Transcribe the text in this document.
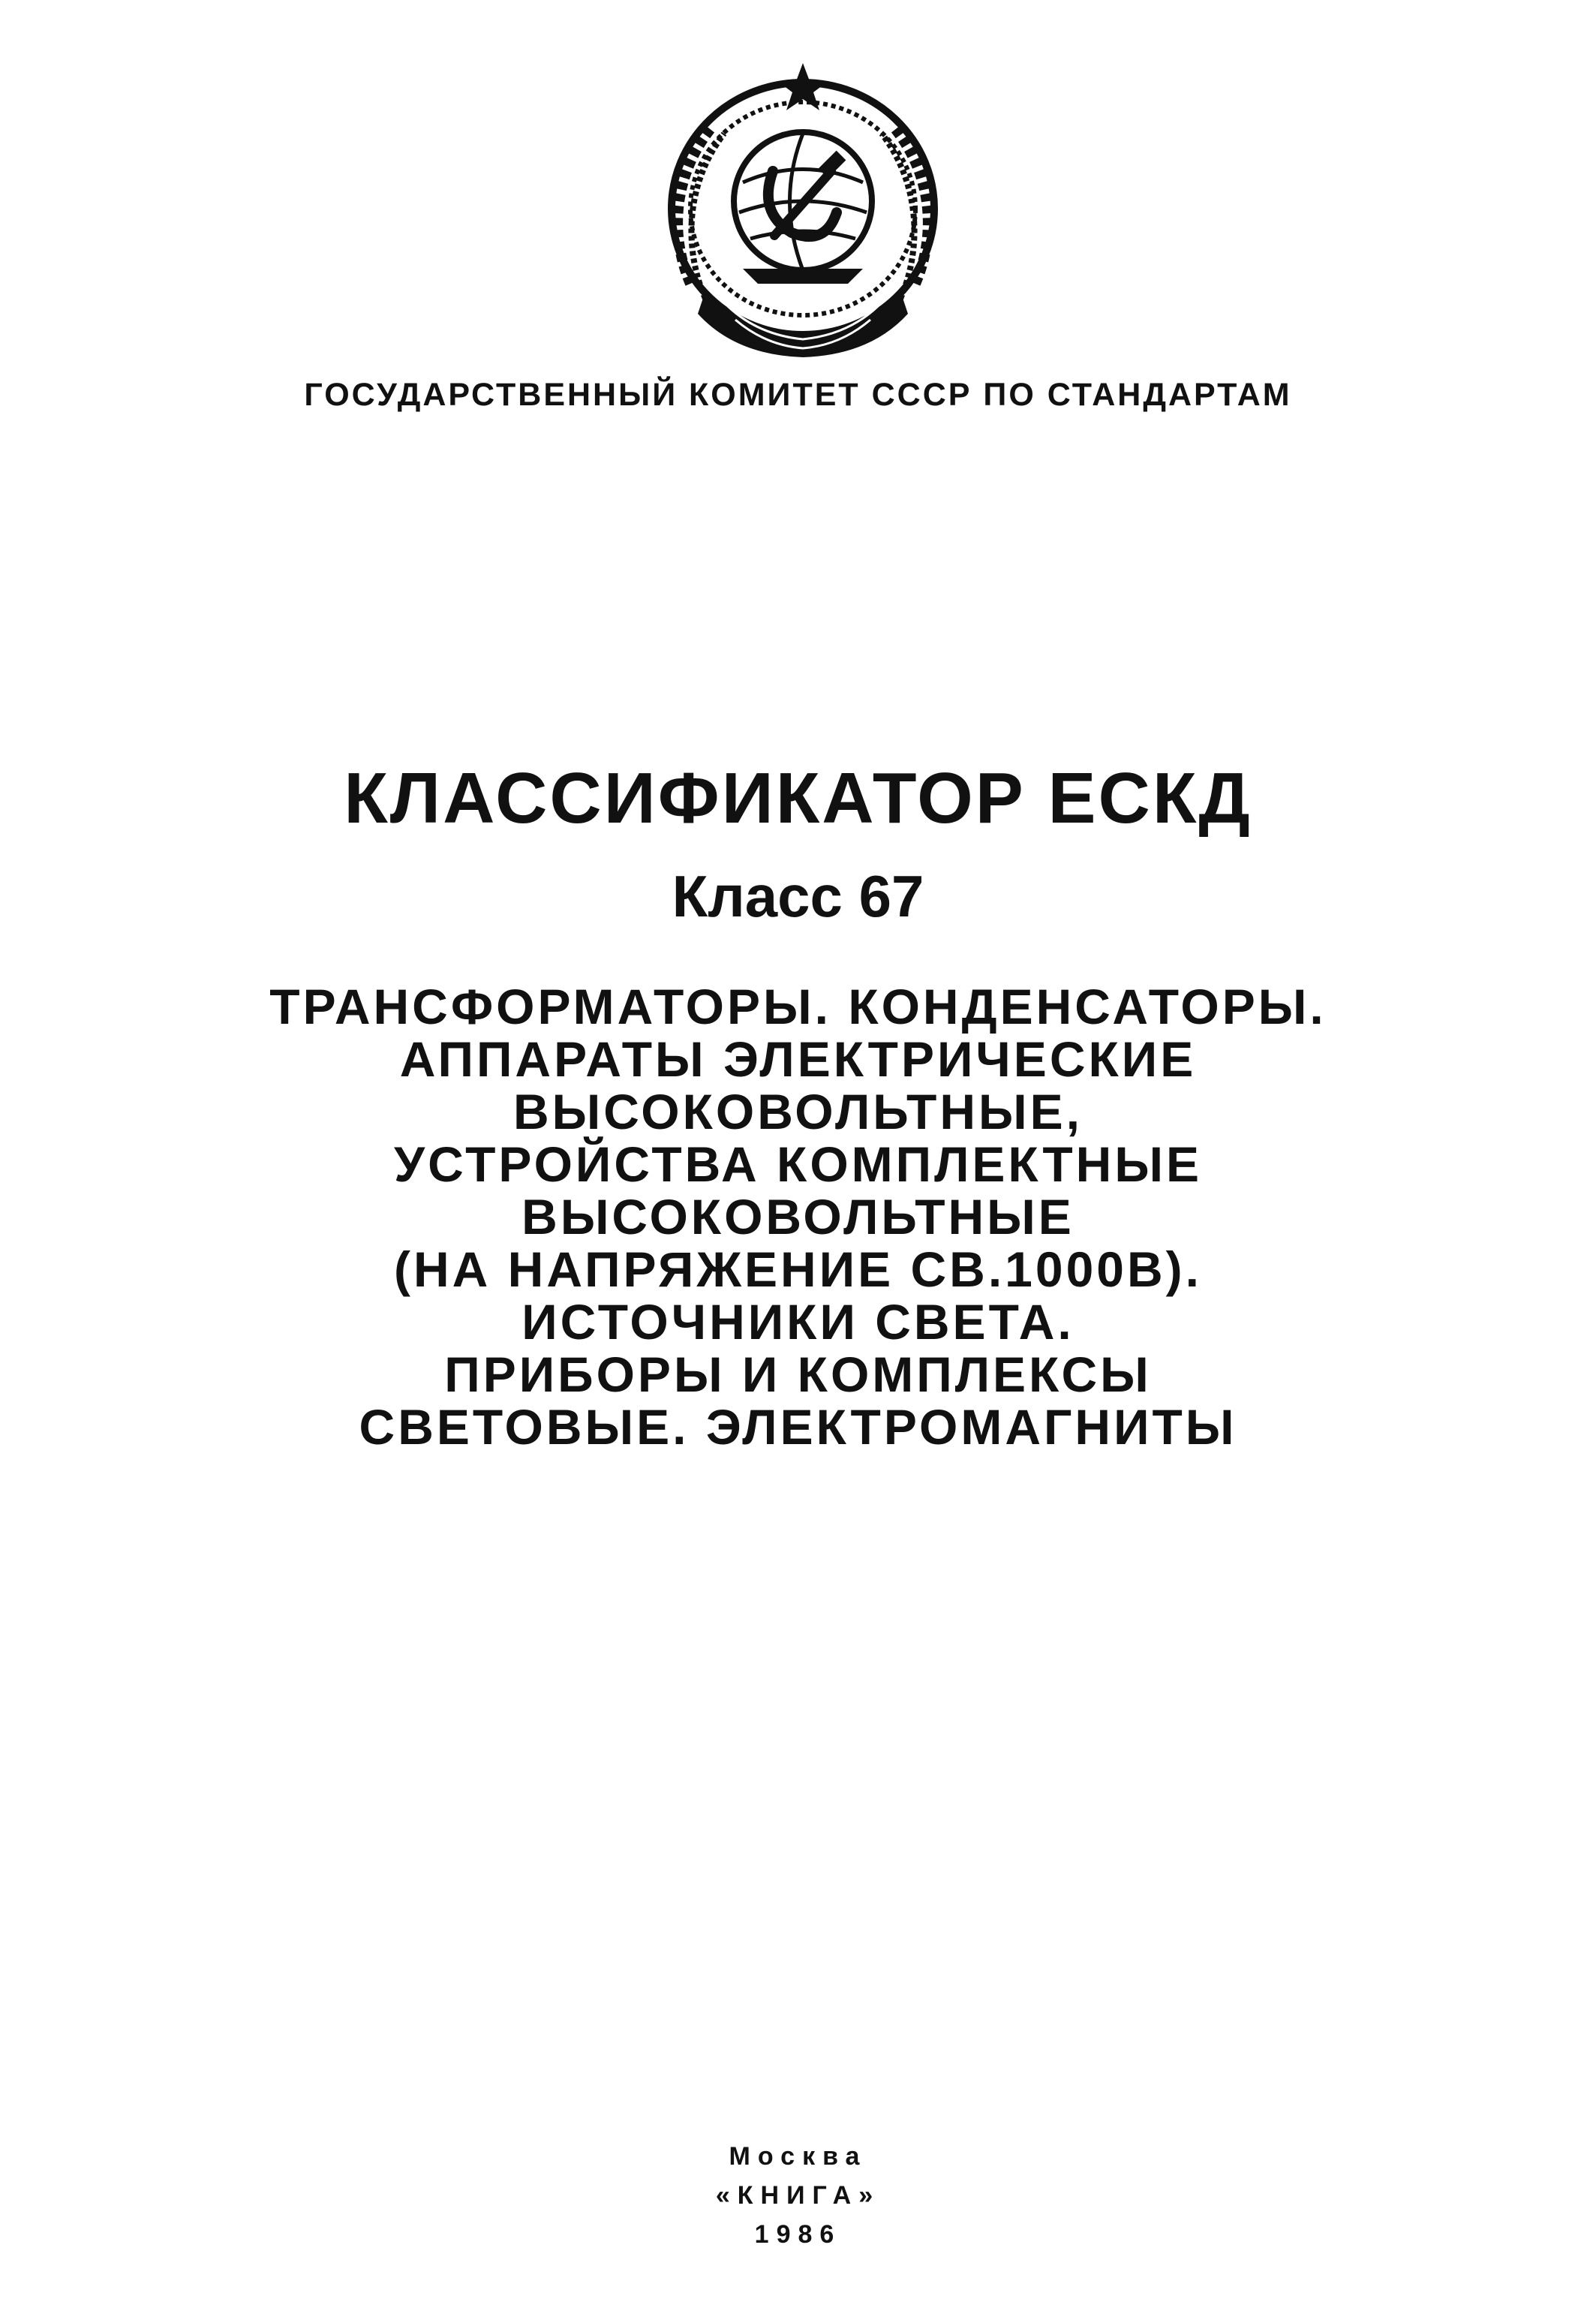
ГОСУДАРСТВЕННЫЙ КОМИТЕТ СССР ПО СТАНДАРТАМ
КЛАССИФИКАТОР ЕСКД
Класс 67
ТРАНСФОРМАТОРЫ. КОНДЕНСАТОРЫ.
АППАРАТЫ ЭЛЕКТРИЧЕСКИЕ
ВЫСОКОВОЛЬТНЫЕ,
УСТРОЙСТВА КОМПЛЕКТНЫЕ
ВЫСОКОВОЛЬТНЫЕ
(НА НАПРЯЖЕНИЕ СВ.1000В).
ИСТОЧНИКИ СВЕТА.
ПРИБОРЫ И КОМПЛЕКСЫ
СВЕТОВЫЕ. ЭЛЕКТРОМАГНИТЫ
Москва
«КНИГА»
1986
